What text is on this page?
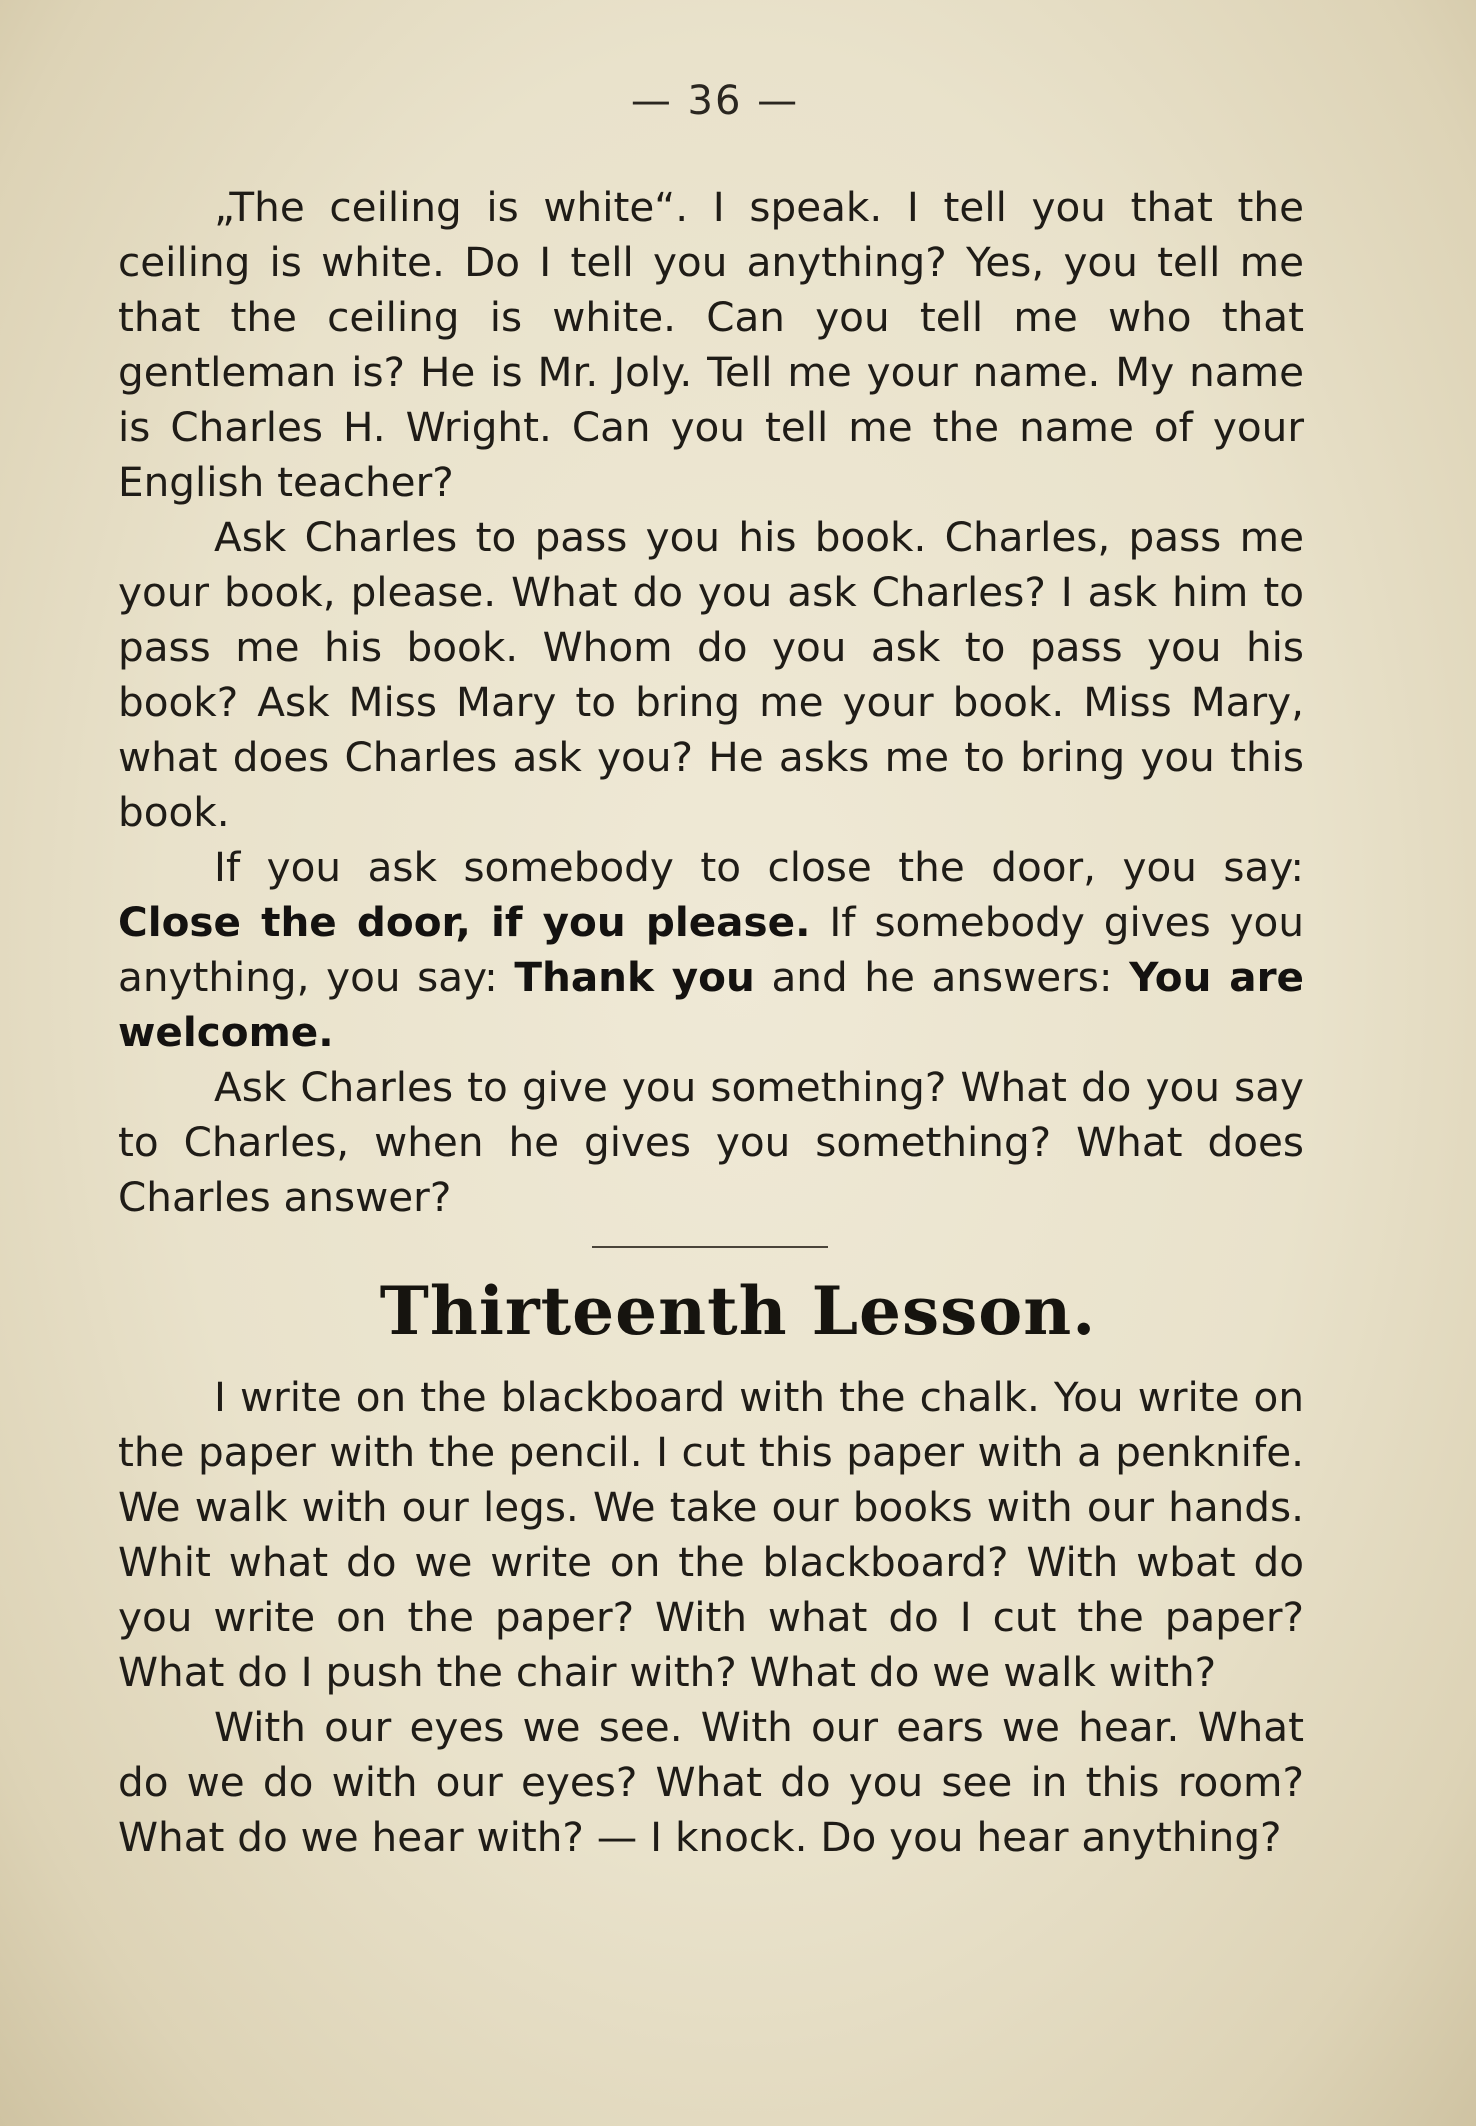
— 36 —

„The ceiling is white“. I speak. I tell you that the ceiling is white. Do I tell you anything? Yes, you tell me that the ceiling is white. Can you tell me who that gentleman is? He is Mr. Joly. Tell me your name. My name is Charles H. Wright. Can you tell me the name of your English teacher?

Ask Charles to pass you his book. Charles, pass me your book, please. What do you ask Charles? I ask him to pass me his book. Whom do you ask to pass you his book? Ask Miss Mary to bring me your book. Miss Mary, what does Charles ask you? He asks me to bring you this book.

If you ask somebody to close the door, you say: Close the door, if you please. If somebody gives you anything, you say: Thank you and he answers: You are welcome.

Ask Charles to give you something? What do you say to Charles, when he gives you something? What does Charles answer?

Thirteenth Lesson.

I write on the blackboard with the chalk. You write on the paper with the pencil. I cut this paper with a penknife. We walk with our legs. We take our books with our hands. Whit what do we write on the blackboard? With wbat do you write on the paper? With what do I cut the paper? What do I push the chair with? What do we walk with?

With our eyes we see. With our ears we hear. What do we do with our eyes? What do you see in this room? What do we hear with? — I knock. Do you hear anything?
